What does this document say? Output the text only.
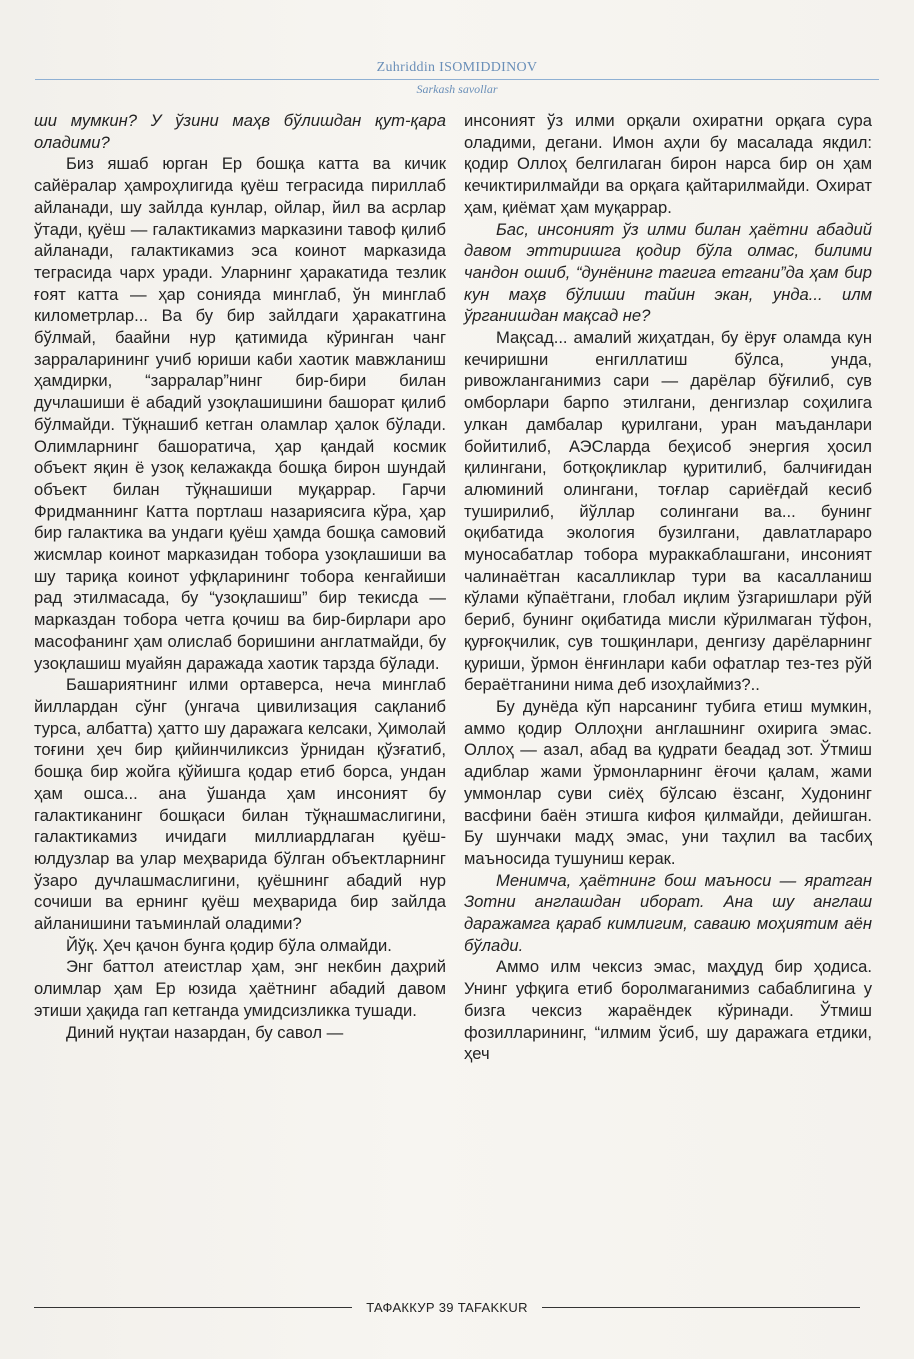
Zuhriddin ISOMIDDINOV
Sarkash savollar

ши мумкин? У ўзини маҳв бўлишдан қут-қара оладими?

Биз яшаб юрган Ер бошқа катта ва кичик сайёралар ҳамроҳлигида қуёш теграсида пириллаб айланади, шу зайлда кунлар, ойлар, йил ва асрлар ўтади, қуёш — галактикамиз марказини тавоф қилиб айланади, галактикамиз эса коинот марказида теграсида чарх уради. Уларнинг ҳаракатида тезлик ғоят катта — ҳар сонияда минглаб, ўн минглаб километрлар... Ва бу бир зайлдаги ҳаракатгина бўлмай, баайни нур қатимида кўринган чанг зарраларининг учиб юриши каби хаотик мавжланиш ҳамдирки, “зарралар”нинг бир-бири билан дучлашиши ё абадий узоқлашишини башорат қилиб бўлмайди. Тўқнашиб кетган оламлар ҳалок бўлади. Олимларнинг башоратича, ҳар қандай космик объект яқин ё узоқ келажакда бошқа бирон шундай объект билан тўқнашиши муқаррар. Гарчи Фридманнинг Катта портлаш назариясига кўра, ҳар бир галактика ва ундаги қуёш ҳамда бошқа самовий жисмлар коинот марказидан тобора узоқлашиши ва шу тариқа коинот уфқларининг тобора кенгайиши рад этилмасада, бу “узоқлашиш” бир текисда — марказдан тобора четга қочиш ва бир-бирлари аро масофанинг ҳам олислаб боришини англатмайди, бу узоқлашиш муайян даражада хаотик тарзда бўлади.

Башариятнинг илми ортаверса, неча минглаб йиллардан сўнг (унгача цивилизация сақланиб турса, албатта) ҳатто шу даражага келсаки, Ҳимолай тоғини ҳеч бир қийинчиликсиз ўрнидан қўзғатиб, бошқа бир жойга қўйишга қодар етиб борса, ундан ҳам ошса... ана ўшанда ҳам инсоният бу галактиканинг бошқаси билан тўқнашмаслигини, галактикамиз ичидаги миллиардлаган қуёш-юлдузлар ва улар меҳварида бўлган объектларнинг ўзаро дучлашмаслигини, қуёшнинг абадий нур сочиши ва ернинг қуёш меҳварида бир зайлда айланишини таъминлай оладими?

Йўқ. Ҳеч қачон бунга қодир бўла олмайди.

Энг баттол атеистлар ҳам, энг некбин даҳрий олимлар ҳам Ер юзида ҳаётнинг абадий давом этиши ҳақида гап кетганда умидсизликка тушади.

Диний нуқтаи назардан, бу савол —

инсоният ўз илми орқали охиратни орқага сура оладими, дегани. Имон аҳли бу масалада якдил: қодир Оллоҳ белгилаган бирон нарса бир он ҳам кечиктирилмайди ва орқага қайтарилмайди. Охират ҳам, қиёмат ҳам муқаррар.

Бас, инсоният ўз илми билан ҳаётни абадий давом эттиришга қодир бўла олмас, билими чандон ошиб, “дунёнинг тагига етгани”да ҳам бир кун маҳв бўлиши тайин экан, унда... илм ўрганишдан мақсад не?

Мақсад... амалий жиҳатдан, бу ёруғ оламда кун кечиришни енгиллатиш бўлса, унда, ривожланганимиз сари — дарёлар бўғилиб, сув омборлари барпо этилгани, денгизлар соҳилига улкан дамбалар қурилгани, уран маъданлари бойитилиб, АЭСларда беҳисоб энергия ҳосил қилингани, ботқоқликлар қуритилиб, балчиғидан алюминий олингани, тоғлар сариёғдай кесиб туширилиб, йўллар солингани ва... бунинг оқибатида экология бузилгани, давлатлараро муносабатлар тобора мураккаблашгани, инсоният чалинаётган касалликлар тури ва касалланиш кўлами кўпаётгани, глобал иқлим ўзгаришлари рўй бериб, бунинг оқибатида мисли кўрилмаган тўфон, қурғоқчилик, сув тошқинлари, денгизу дарёларнинг қуриши, ўрмон ёнғинлари каби офатлар тез-тез рўй бераётганини нима деб изоҳлаймиз?..

Бу дунёда кўп нарсанинг тубига етиш мумкин, аммо қодир Оллоҳни англашнинг охирига эмас. Оллоҳ — азал, абад ва қудрати беадад зот. Ўтмиш адиблар жами ўрмонларнинг ёғочи қалам, жами уммонлар суви сиёҳ бўлсаю ёзсанг, Худонинг васфини баён этишга кифоя қилмайди, дейишган. Бу шунчаки мадҳ эмас, уни таҳлил ва тасбиҳ маъносида тушуниш керак.

Менимча, ҳаётнинг бош маъноси — яратган Зотни англашдан иборат. Ана шу англаш даражамга қараб кимлигим, саваию моҳиятим аён бўлади.

Аммо илм чексиз эмас, маҳдуд бир ҳодиса. Унинг уфқига етиб боролмаганимиз сабаблигина у бизга чексиз жараёндек кўринади. Ўтмиш фозилларининг, “илмим ўсиб, шу даражага етдики, ҳеч

ТАФАККУР 39 TAFAKKUR
